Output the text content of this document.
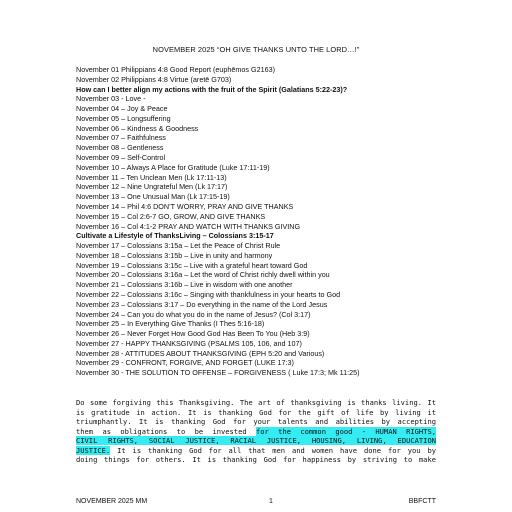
NOVEMBER 2025 “OH GIVE THANKS UNTO THE LORD…!”
November 01 Philippians 4:8 Good Report (euphēmos G2163)
November 02 Philippians 4:8 Virtue (aretē G703)
How can I better align my actions with the fruit of the Spirit (Galatians 5:22-23)?
November 03 - Love -
November 04 – Joy & Peace
November 05 – Longsuffering
November 06 – Kindness & Goodness
November 07 – Faithfulness
November 08 – Gentleness
November 09 – Self-Control
November 10 – Always A Place for Gratitude (Luke 17:11-19)
November 11 – Ten Unclean Men (Lk 17:11-13)
November 12 – Nine Ungrateful Men (Lk 17:17)
November 13 – One Unusual Man (Lk 17:15-19)
November 14 – Phil 4:6 DON’T WORRY, PRAY AND GIVE THANKS
November 15 – Col 2:6-7 GO, GROW, AND GIVE THANKS
November 16 – Col 4:1-2 PRAY AND WATCH WITH THANKS GIVING
Cultivate a Lifestyle of ThanksLiving – Colossians 3:15-17
November 17 – Colossians 3:15a – Let the Peace of Christ Rule
November 18 – Colossians 3:15b – Live in unity and harmony
November 19 – Colossians 3:15c – Live with a grateful heart toward God
November 20 – Colossians 3:16a – Let the word of Christ richly dwell within you
November 21 – Colossians 3:16b – Live in wisdom with one another
November 22 – Colossians 3:16c – Singing with thankfulness in your hearts to God
November 23 – Colossians 3:17 – Do everything in the name of the Lord Jesus
November 24 – Can you do what you do in the name of Jesus? (Col 3:17)
November 25 – In Everything Give Thanks (I Thes 5:16-18)
November 26 – Never Forget How Good God Has Been To You (Heb 3:9)
November 27 - HAPPY THANKSGIVING (PSALMS 105, 106, and 107)
November 28 - ATTITUDES ABOUT THANKSGIVING (EPH 5:20 and Various)
November 29 - CONFRONT, FORGIVE, AND FORGET (LUKE 17:3)
November 30 - THE SOLUTION TO OFFENSE – FORGIVENESS ( Luke 17:3; Mk 11:25)
Do some forgiving this Thanksgiving. The art of thanksgiving is thanks living. It
is gratitude in action. It is thanking God for the gift of life by living it
triumphantly. It is thanking God for your talents and abilities by accepting
them as obligations to be invested for the common good - HUMAN RIGHTS,
CIVIL RIGHTS, SOCIAL JUSTICE, RACIAL JUSTICE, HOUSING, LIVING, EDUCATION
JUSTICE. It is thanking God for all that men and women have done for you by
doing things for others. It is thanking God for happiness by striving to make
NOVEMBER 2025 MM	1	BBFCTT
